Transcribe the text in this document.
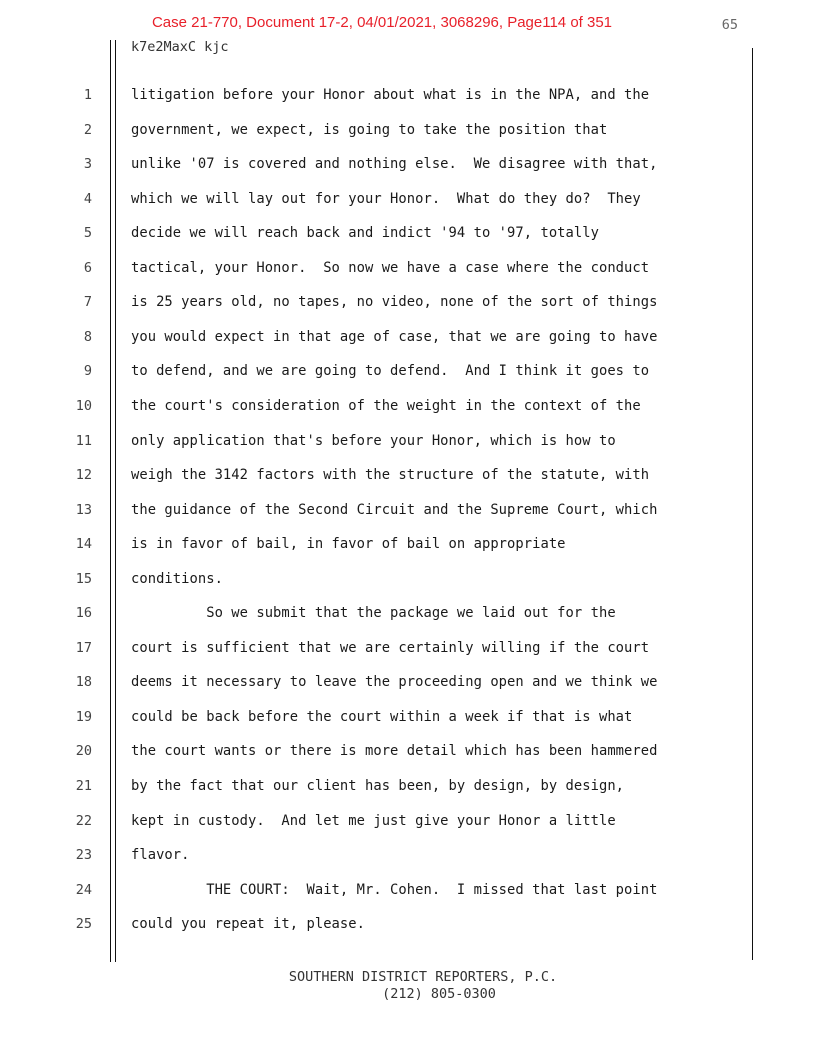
Case 21-770, Document 17-2, 04/01/2021, 3068296, Page114 of 351	65
k7e2MaxC kjc
1	litigation before your Honor about what is in the NPA, and the
2	government, we expect, is going to take the position that
3	unlike '07 is covered and nothing else.  We disagree with that,
4	which we will lay out for your Honor.  What do they do?  They
5	decide we will reach back and indict '94 to '97, totally
6	tactical, your Honor.  So now we have a case where the conduct
7	is 25 years old, no tapes, no video, none of the sort of things
8	you would expect in that age of case, that we are going to have
9	to defend, and we are going to defend.  And I think it goes to
10	the court's consideration of the weight in the context of the
11	only application that's before your Honor, which is how to
12	weigh the 3142 factors with the structure of the statute, with
13	the guidance of the Second Circuit and the Supreme Court, which
14	is in favor of bail, in favor of bail on appropriate
15	conditions.
16	So we submit that the package we laid out for the
17	court is sufficient that we are certainly willing if the court
18	deems it necessary to leave the proceeding open and we think we
19	could be back before the court within a week if that is what
20	the court wants or there is more detail which has been hammered
21	by the fact that our client has been, by design, by design,
22	kept in custody.  And let me just give your Honor a little
23	flavor.
24	THE COURT:  Wait, Mr. Cohen.  I missed that last point
25	could you repeat it, please.
SOUTHERN DISTRICT REPORTERS, P.C.
(212) 805-0300
